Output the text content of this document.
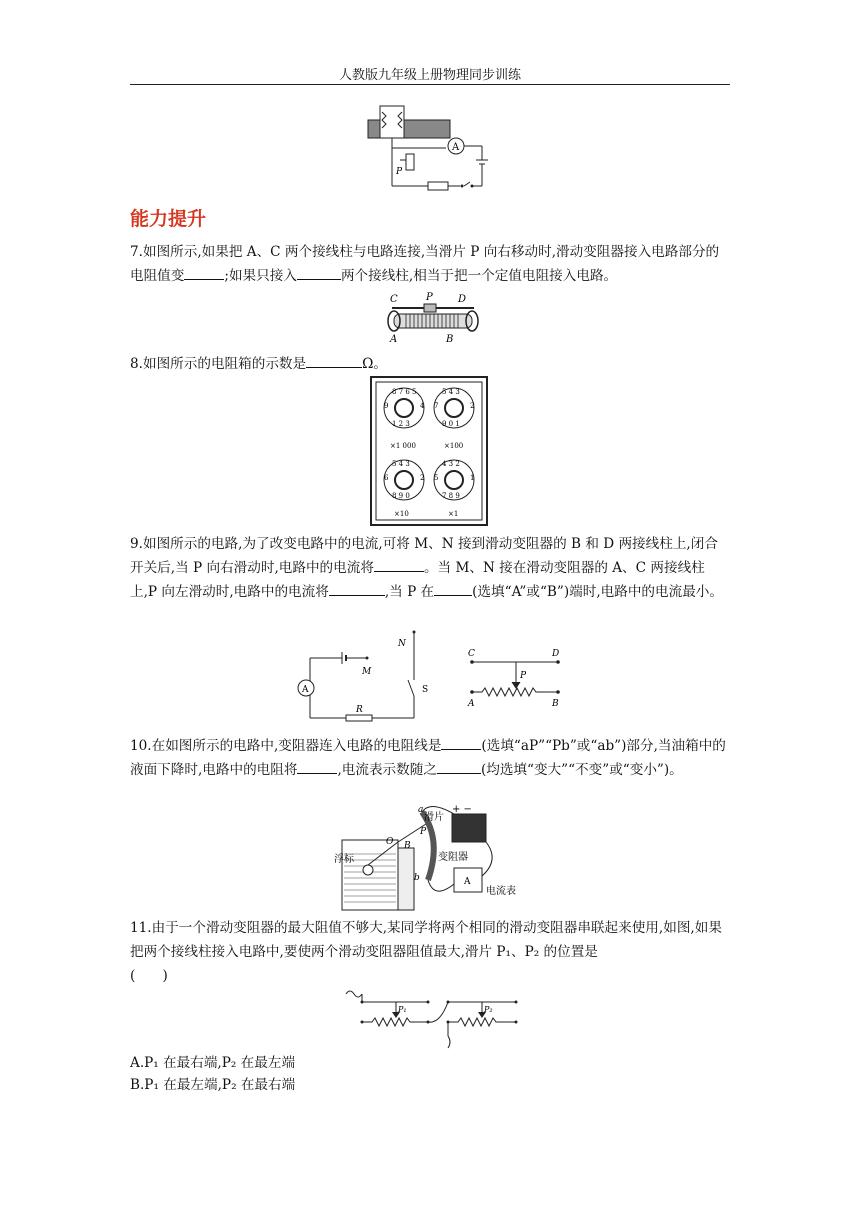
人教版九年级上册物理同步训练
A
P
能力提升
7.如图所示,如果把 A、C 两个接线柱与电路连接,当滑片 P 向右移动时,滑动变阻器接入电路部分的电阻值变	;如果只接入	两个接线柱,相当于把一个定值电阻接入电路。
C	P	D
A	B
8.如图所示的电阻箱的示数是	Ω。
8 7 6 5
9	4
1 2 3
×1 000
5 4 3
7	2
9 0 1
×100
5 4 3
6	2
8 9 0
×10
4 3 2
5	1
7 8 9
×1
9.如图所示的电路,为了改变电路中的电流,可将 M、N 接到滑动变阻器的 B 和 D 两接线柱上,闭合开关后,当 P 向右滑动时,电路中的电流将	。当 M、N 接在滑动变阻器的 A、C 两接线柱上,P 向左滑动时,电路中的电流将	,当 P 在	(选填“A”或“B”)端时,电路中的电流最小。
M
A
R
N
S
C	D
P
A	B
10.在如图所示的电路中,变阻器连入电路的电阻线是	(选填“aP”“Pb”或“ab”)部分,当油箱中的液面下降时,电路中的电阻将	,电流表示数随之	(均选填“变大”“不变”或“变小”)。
浮标
O B
a
P
b
滑片
变阻器
+ −
A
电流表
11.由于一个滑动变阻器的最大阻值不够大,某同学将两个相同的滑动变阻器串联起来使用,如图,如果把两个接线柱接入电路中,要使两个滑动变阻器阻值最大,滑片 P₁、P₂ 的位置是
(　　)
P₁	P₂
A.P₁ 在最右端,P₂ 在最左端
B.P₁ 在最左端,P₂ 在最右端
